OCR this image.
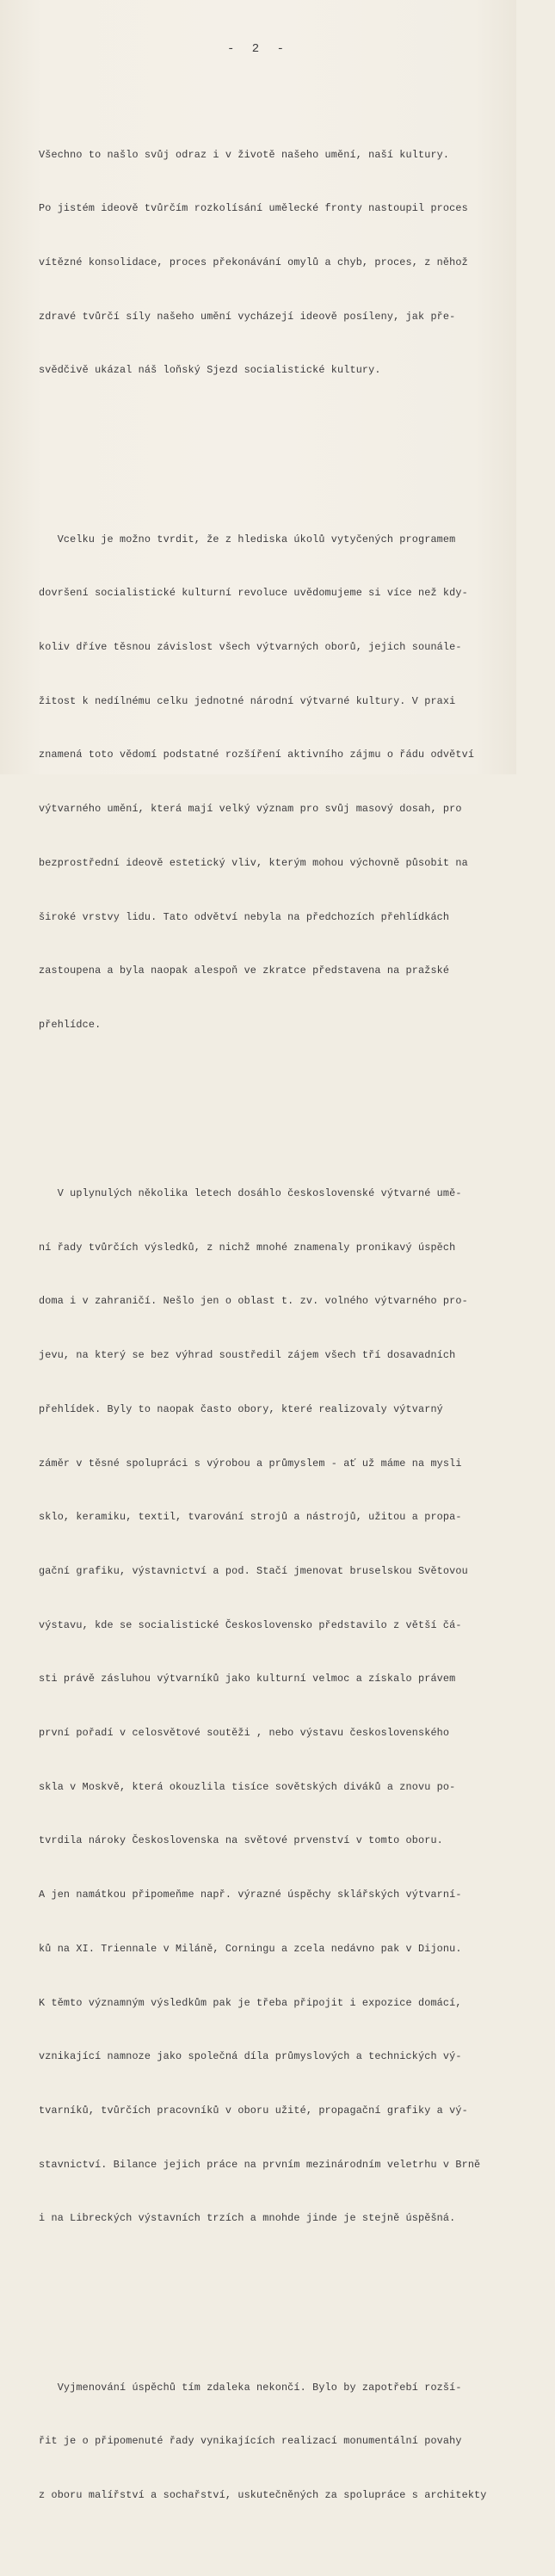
- 2 -

Všechno to našlo svůj odraz i v životě našeho umění, naší kultury.

Po jistém ideově tvůrčím rozkolísání umělecké fronty nastoupil proces

vítězné konsolidace, proces překonávání omylů a chyb, proces, z něhož

zdravé tvůrčí síly našeho umění vycházejí ideově posíleny, jak pře-

svědčivě ukázal náš loňský Sjezd socialistické kultury.

Vcelku je možno tvrdit, že z hlediska úkolů vytyčených programem

dovršení socialistické kulturní revoluce uvědomujeme si více než kdy-

koliv dříve těsnou závislost všech výtvarných oborů, jejich sounále-

žitost k nedílnému celku jednotné národní výtvarné kultury. V praxi

znamená toto vědomí podstatné rozšíření aktivního zájmu o řádu odvětví

výtvarného umění, která mají velký význam pro svůj masový dosah, pro

bezprostřední ideově estetický vliv, kterým mohou výchovně působit na

široké vrstvy lidu. Tato odvětví nebyla na předchozích přehlídkách

zastoupena a byla naopak alespoň ve zkratce představena na pražské

přehlídce.

V uplynulých několika letech dosáhlo československé výtvarné umě-

ní řady tvůrčích výsledků, z nichž mnohé znamenaly pronikavý úspěch

doma i v zahraničí. Nešlo jen o oblast t. zv. volného výtvarného pro-

jevu, na který se bez výhrad soustředil zájem všech tří dosavadních

přehlídek. Byly to naopak často obory, které realizovaly výtvarný

záměr v těsné spolupráci s výrobou a průmyslem - ať už máme na mysli

sklo, keramiku, textil, tvarování strojů a nástrojů, užitou a propa-

gační grafiku, výstavnictví a pod. Stačí jmenovat bruselskou Světovou

výstavu, kde se socialistické Československo představilo z větší čá-

sti právě zásluhou výtvarníků jako kulturní velmoc a získalo právem

první pořadí v celosvětové soutěži , nebo výstavu československého

skla v Moskvě, která okouzlila tisíce sovětských diváků a znovu po-

tvrdila nároky Československa na světové prvenství v tomto oboru.

A jen namátkou připomeňme např. výrazné úspěchy sklářských výtvarní-

ků na XI. Triennale v Miláně, Corningu a zcela nedávno pak v Dijonu.

K těmto významným výsledkům pak je třeba připojit i expozice domácí,

vznikající namnoze jako společná díla průmyslových a technických vý-

tvarníků, tvůrčích pracovníků v oboru užité, propagační grafiky a vý-

stavnictví. Bilance jejich práce na prvním mezinárodním veletrhu v Brně

i na Libreckých výstavních trzích a mnohde jinde je stejně úspěšná.

Vyjmenování úspěchů tím zdaleka nekončí. Bylo by zapotřebí rozší-

řit je o připomenuté řady vynikajících realizací monumentální povahy

z oboru malířství a sochařství, uskutečněných za spolupráce s architekty
